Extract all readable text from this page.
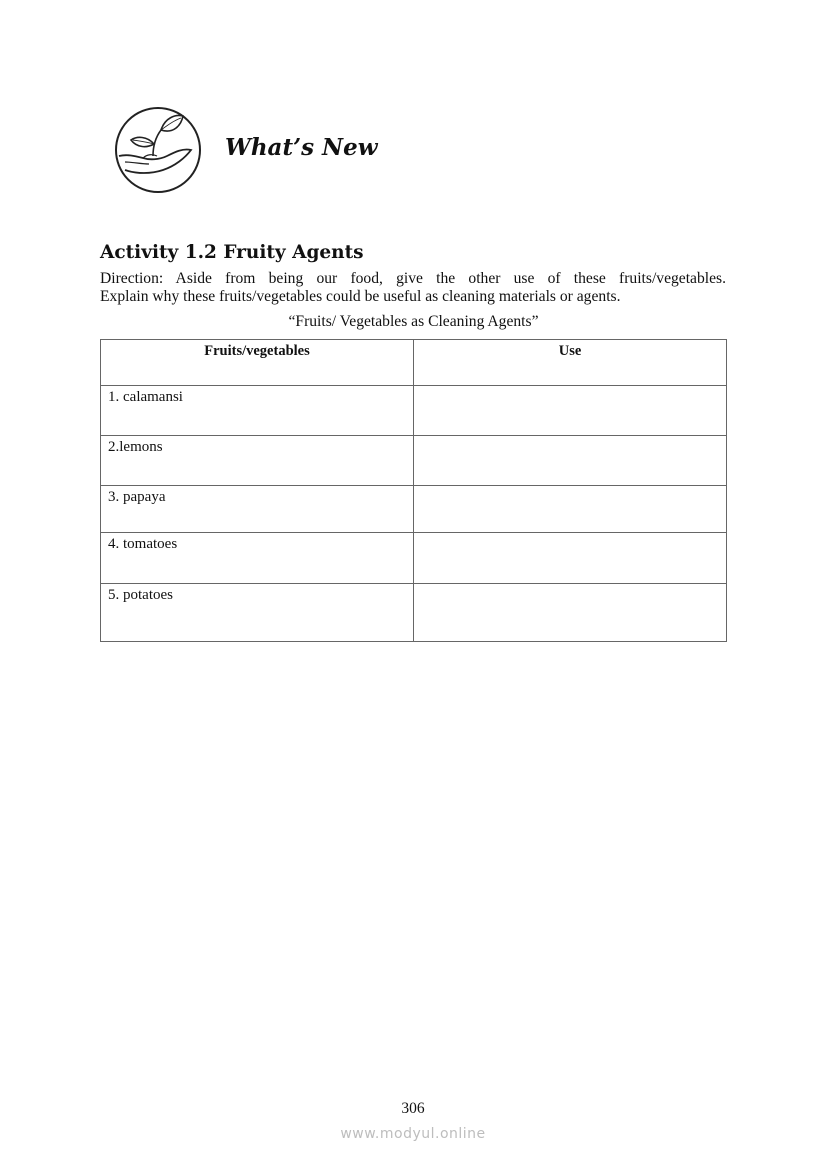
What’s New
Activity 1.2 Fruity Agents
Direction: Aside from being our food, give the other use of these fruits/vegetables.
Explain why these fruits/vegetables could be useful as cleaning materials or agents.
“Fruits/ Vegetables as Cleaning Agents”
Fruits/vegetables	Use
1. calamansi	
2.lemons	
3. papaya	
4. tomatoes	
5. potatoes	
306
www.modyul.online
